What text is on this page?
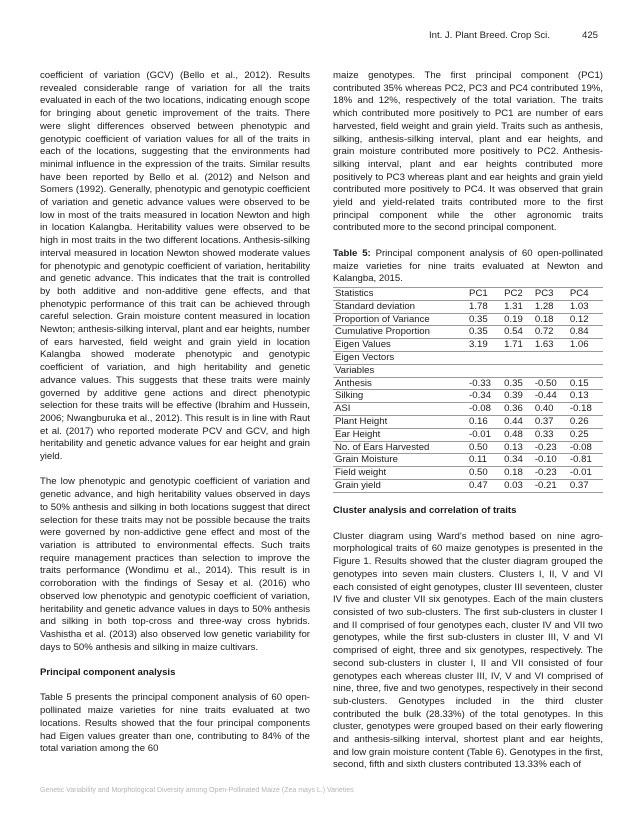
Int. J. Plant Breed. Crop Sci.	425

coefficient of variation (GCV) (Bello et al., 2012). Results revealed considerable range of variation for all the traits evaluated in each of the two locations, indicating enough scope for bringing about genetic improvement of the traits. There were slight differences observed between phenotypic and genotypic coefficient of variation values for all of the traits in each of the locations, suggesting that the environments had minimal influence in the expression of the traits. Similar results have been reported by Bello et al. (2012) and Nelson and Somers (1992). Generally, phenotypic and genotypic coefficient of variation and genetic advance values were observed to be low in most of the traits measured in location Newton and high in location Kalangba. Heritability values were observed to be high in most traits in the two different locations. Anthesis-silking interval measured in location Newton showed moderate values for phenotypic and genotypic coefficient of variation, heritability and genetic advance. This indicates that the trait is controlled by both additive and non-additive gene effects, and that phenotypic performance of this trait can be achieved through careful selection. Grain moisture content measured in location Newton; anthesis-silking interval, plant and ear heights, number of ears harvested, field weight and grain yield in location Kalangba showed moderate phenotypic and genotypic coefficient of variation, and high heritability and genetic advance values. This suggests that these traits were mainly governed by additive gene actions and direct phenotypic selection for these traits will be effective (Ibrahim and Hussein, 2006; Nwangburuka et al., 2012). This result is in line with Raut et al. (2017) who reported moderate PCV and GCV, and high heritability and genetic advance values for ear height and grain yield.

The low phenotypic and genotypic coefficient of variation and genetic advance, and high heritability values observed in days to 50% anthesis and silking in both locations suggest that direct selection for these traits may not be possible because the traits were governed by non-addictive gene effect and most of the variation is attributed to environmental effects. Such traits require management practices than selection to improve the traits performance (Wondimu et al., 2014). This result is in corroboration with the findings of Sesay et al. (2016) who observed low phenotypic and genotypic coefficient of variation, heritability and genetic advance values in days to 50% anthesis and silking in both top-cross and three-way cross hybrids. Vashistha et al. (2013) also observed low genetic variability for days to 50% anthesis and silking in maize cultivars.

Principal component analysis

Table 5 presents the principal component analysis of 60 open-pollinated maize varieties for nine traits evaluated at two locations. Results showed that the four principal components had Eigen values greater than one, contributing to 84% of the total variation among the 60

maize genotypes. The first principal component (PC1) contributed 35% whereas PC2, PC3 and PC4 contributed 19%, 18% and 12%, respectively of the total variation. The traits which contributed more positively to PC1 are number of ears harvested, field weight and grain yield. Traits such as anthesis, silking, anthesis-silking interval, plant and ear heights, and grain moisture contributed more positively to PC2. Anthesis-silking interval, plant and ear heights contributed more positively to PC3 whereas plant and ear heights and grain yield contributed more positively to PC4. It was observed that grain yield and yield-related traits contributed more to the first principal component while the other agronomic traits contributed more to the second principal component.

Table 5: Principal component analysis of 60 open-pollinated maize varieties for nine traits evaluated at Newton and Kalangba, 2015.

Statistics	PC1	PC2	PC3	PC4
Standard deviation	1.78	1.31	1.28	1.03
Proportion of Variance	0.35	0.19	0.18	0.12
Cumulative Proportion	0.35	0.54	0.72	0.84
Eigen Values	3.19	1.71	1.63	1.06
Eigen Vectors				
Variables				
Anthesis	-0.33	0.35	-0.50	0.15
Silking	-0.34	0.39	-0.44	0.13
ASI	-0.08	0.36	0.40	-0.18
Plant Height	0.16	0.44	0.37	0.26
Ear Height	-0.01	0.48	0.33	0.25
No. of Ears Harvested	0.50	0.13	-0.23	-0.08
Grain Moisture	0.11	0.34	-0.10	-0.81
Field weight	0.50	0.18	-0.23	-0.01
Grain yield	0.47	0.03	-0.21	0.37
Cluster analysis and correlation of traits

Cluster diagram using Ward’s method based on nine agro-morphological traits of 60 maize genotypes is presented in the Figure 1. Results showed that the cluster diagram grouped the genotypes into seven main clusters. Clusters I, II, V and VI each consisted of eight genotypes, cluster III seventeen, cluster IV five and cluster VII six genotypes. Each of the main clusters consisted of two sub-clusters. The first sub-clusters in cluster I and II comprised of four genotypes each, cluster IV and VII two genotypes, while the first sub-clusters in cluster III, V and VI comprised of eight, three and six genotypes, respectively. The second sub-clusters in cluster I, II and VII consisted of four genotypes each whereas cluster III, IV, V and VI comprised of nine, three, five and two genotypes, respectively in their second sub-clusters. Genotypes included in the third cluster contributed the bulk (28.33%) of the total genotypes. In this cluster, genotypes were grouped based on their early flowering and anthesis-silking interval, shortest plant and ear heights, and low grain moisture content (Table 6). Genotypes in the first, second, fifth and sixth clusters contributed 13.33% each of

Genetic Variability and Morphological Diversity among Open-Pollinated Maize (Zea mays L.) Varieties
